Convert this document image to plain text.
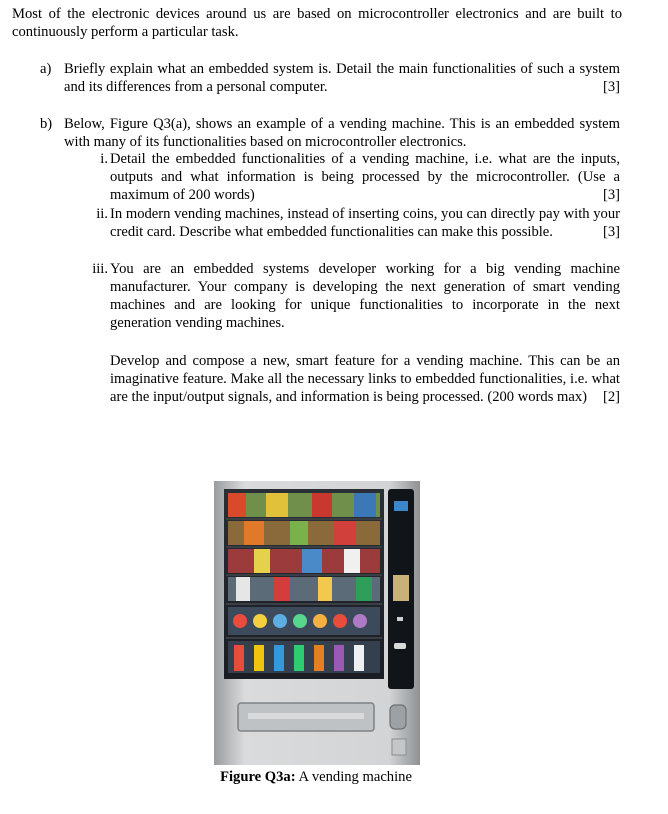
Most of the electronic devices around us are based on microcontroller electronics and are built to continuously perform a particular task.

a) Briefly explain what an embedded system is. Detail the main functionalities of such a system and its differences from a personal computer.	[3]
b) Below, Figure Q3(a), shows an example of a vending machine. This is an embedded system with many of its functionalities based on microcontroller electronics.
i. Detail the embedded functionalities of a vending machine, i.e. what are the inputs, outputs and what information is being processed by the microcontroller. (Use a maximum of 200 words)	[3]
ii. In modern vending machines, instead of inserting coins, you can directly pay with your credit card. Describe what embedded functionalities can make this possible.	[3]
iii. You are an embedded systems developer working for a big vending machine manufacturer. Your company is developing the next generation of smart vending machines and are looking for unique functionalities to incorporate in the next generation vending machines.
Develop and compose a new, smart feature for a vending machine. This can be an imaginative feature. Make all the necessary links to embedded functionalities, i.e. what are the input/output signals, and information is being processed. (200 words max) [2]
Figure Q3a: A vending machine
